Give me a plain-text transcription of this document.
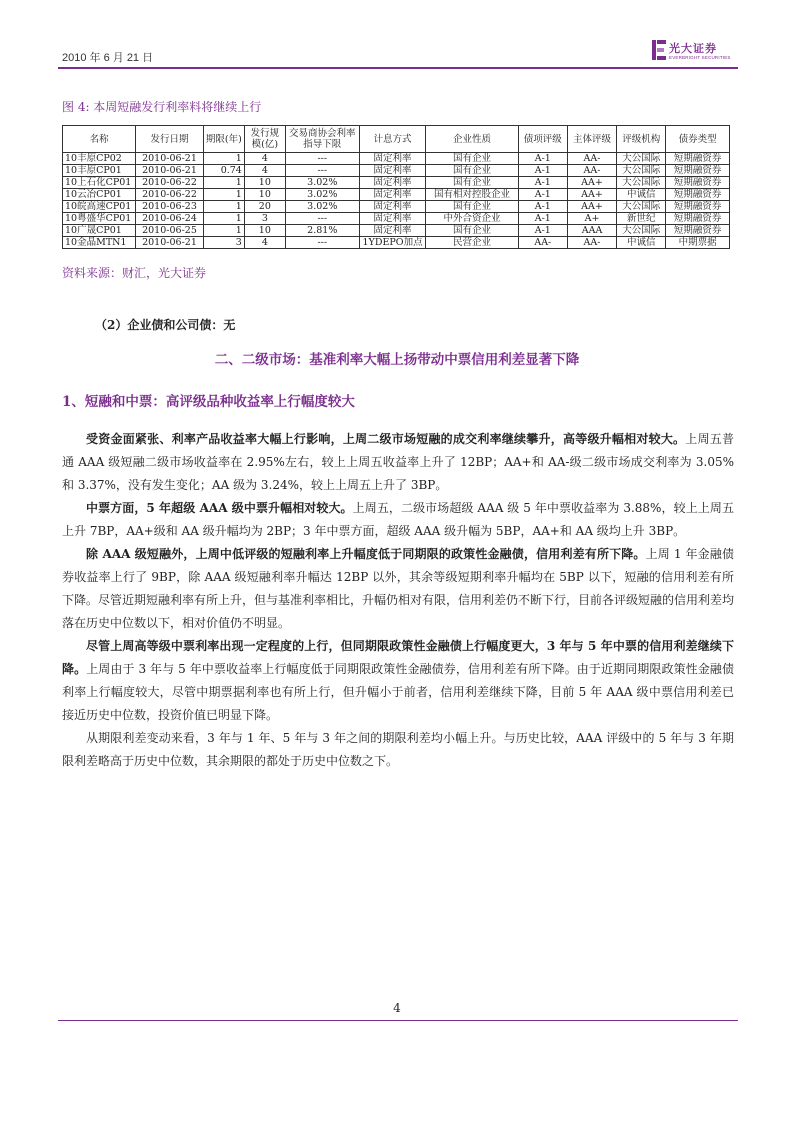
2010 年 6 月 21 日
光大证券
EVERBRIGHT SECURITIES
图 4: 本周短融发行利率料将继续上行
名称	发行日期	期限(年)	发行规模(亿)	交易商协会利率指导下限	计息方式	企业性质	债项评级	主体评级	评级机构	债券类型
10丰原CP02	2010-06-21	1	4	---	固定利率	国有企业	A-1	AA-	大公国际	短期融资券
10丰原CP01	2010-06-21	0.74	4	---	固定利率	国有企业	A-1	AA-	大公国际	短期融资券
10上石化CP01	2010-06-22	1	10	3.02%	固定利率	国有企业	A-1	AA+	大公国际	短期融资券
10云冶CP01	2010-06-22	1	10	3.02%	固定利率	国有相对控股企业	A-1	AA+	中诚信	短期融资券
10皖高速CP01	2010-06-23	1	20	3.02%	固定利率	国有企业	A-1	AA+	大公国际	短期融资券
10粤盛华CP01	2010-06-24	1	3	---	固定利率	中外合资企业	A-1	A+	新世纪	短期融资券
10广晟CP01	2010-06-25	1	10	2.81%	固定利率	国有企业	A-1	AAA	大公国际	短期融资券
10金晶MTN1	2010-06-21	3	4	---	1YDEPO加点	民营企业	AA-	AA-	中诚信	中期票据
资料来源：财汇，光大证券
（2）企业债和公司债：无
二、二级市场：基准利率大幅上扬带动中票信用利差显著下降
1、短融和中票：高评级品种收益率上行幅度较大

受资金面紧张、利率产品收益率大幅上行影响，上周二级市场短融的成交利率继续攀升，高等级升幅相对较大。上周五普通 AAA 级短融二级市场收益率在 2.95%左右，较上上周五收益率上升了 12BP；AA+和 AA-级二级市场成交利率为 3.05%和 3.37%，没有发生变化；AA 级为 3.24%，较上上周五上升了 3BP。

中票方面，5 年超级 AAA 级中票升幅相对较大。上周五，二级市场超级 AAA 级 5 年中票收益率为 3.88%，较上上周五上升 7BP，AA+级和 AA 级升幅均为 2BP；3 年中票方面，超级 AAA 级升幅为 5BP，AA+和 AA 级均上升 3BP。

除 AAA 级短融外，上周中低评级的短融利率上升幅度低于同期限的政策性金融债，信用利差有所下降。上周 1 年金融债券收益率上行了 9BP，除 AAA 级短融利率升幅达 12BP 以外，其余等级短期利率升幅均在 5BP 以下，短融的信用利差有所下降。尽管近期短融利率有所上升，但与基准利率相比，升幅仍相对有限，信用利差仍不断下行，目前各评级短融的信用利差均落在历史中位数以下，相对价值仍不明显。

尽管上周高等级中票利率出现一定程度的上行，但同期限政策性金融债上行幅度更大，3 年与 5 年中票的信用利差继续下降。上周由于 3 年与 5 年中票收益率上行幅度低于同期限政策性金融债券，信用利差有所下降。由于近期同期限政策性金融债利率上行幅度较大，尽管中期票据利率也有所上行，但升幅小于前者，信用利差继续下降，目前 5 年 AAA 级中票信用利差已接近历史中位数，投资价值已明显下降。

从期限利差变动来看，3 年与 1 年、5 年与 3 年之间的期限利差均小幅上升。与历史比较，AAA 评级中的 5 年与 3 年期限利差略高于历史中位数，其余期限的都处于历史中位数之下。

4
